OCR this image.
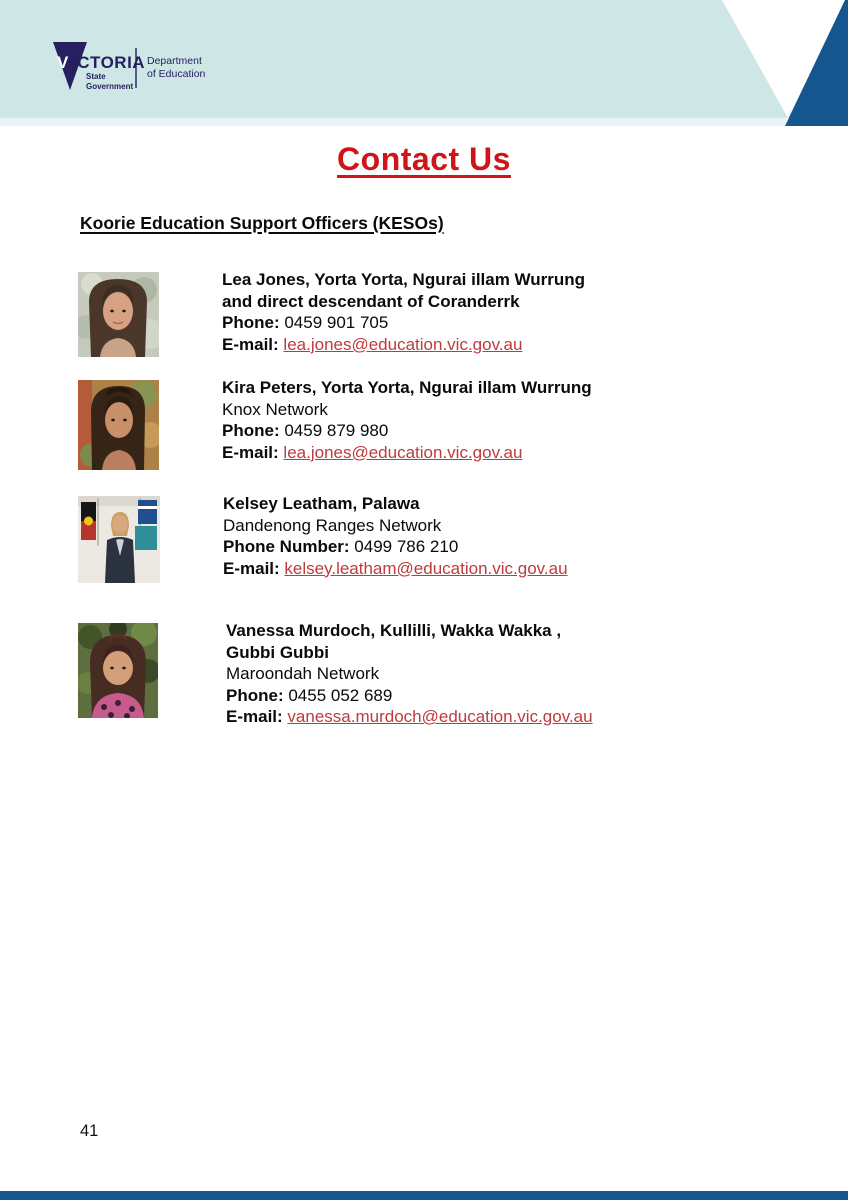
V ICTORIA
State
Government
Department
of Education
Contact Us
Koorie Education Support Officers (KESOs)
Lea Jones, Yorta Yorta, Ngurai illam Wurrung
and direct descendant of Coranderrk
Phone: 0459 901 705
E-mail: lea.jones@education.vic.gov.au
Kira Peters, Yorta Yorta, Ngurai illam Wurrung
Knox Network
Phone: 0459 879 980
E-mail: lea.jones@education.vic.gov.au
Kelsey Leatham, Palawa
Dandenong Ranges Network
Phone Number: 0499 786 210
E-mail: kelsey.leatham@education.vic.gov.au
Vanessa Murdoch, Kullilli, Wakka Wakka ,
Gubbi Gubbi
Maroondah Network
Phone: 0455 052 689
E-mail: vanessa.murdoch@education.vic.gov.au
41
